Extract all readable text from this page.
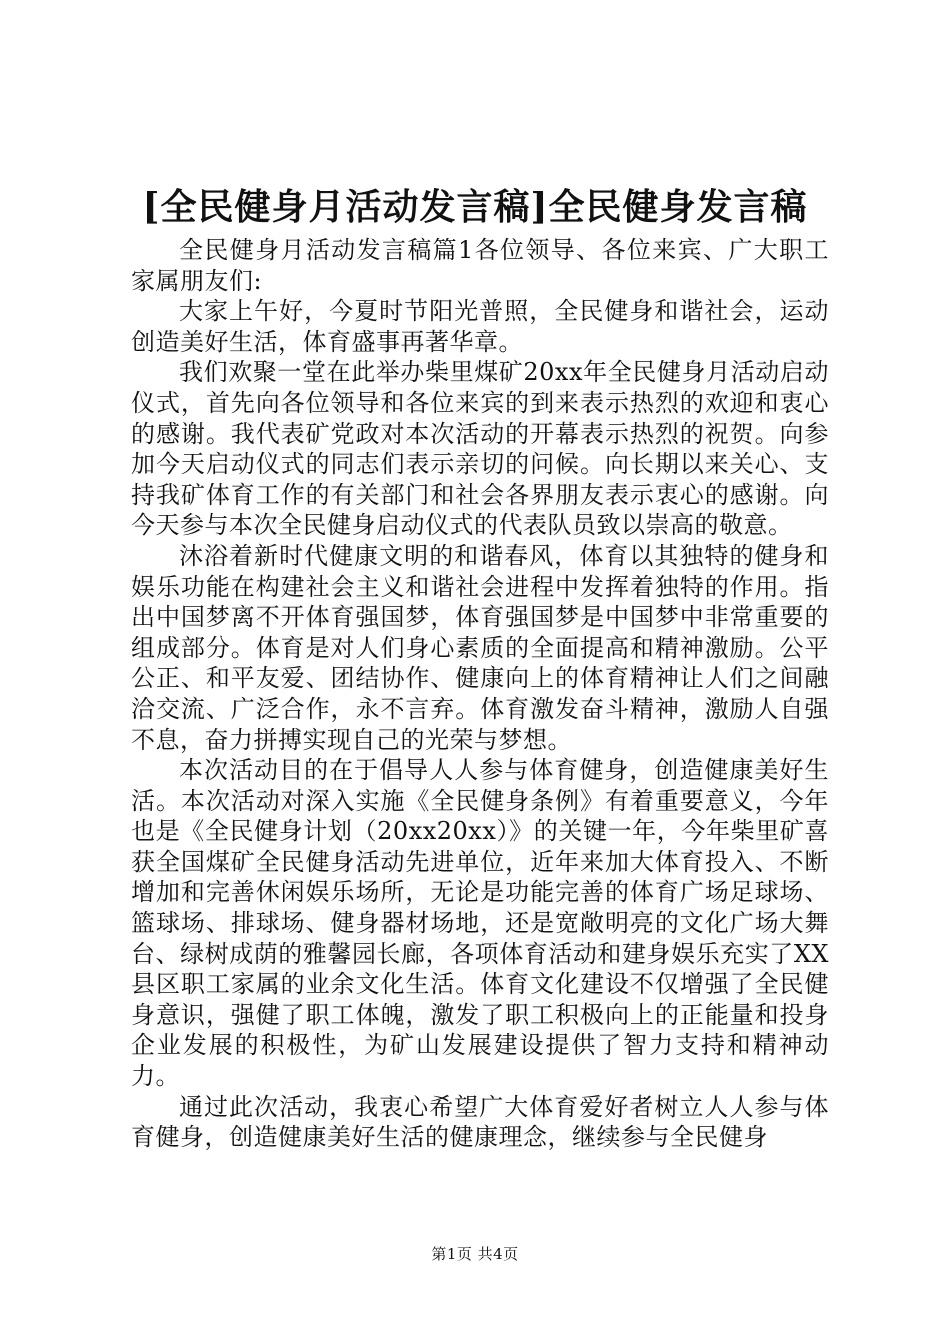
[全民健身月活动发言稿]全民健身发言稿

全民健身月活动发言稿篇1各位领导、各位来宾、广大职工家属朋友们:

大家上午好，今夏时节阳光普照，全民健身和谐社会，运动创造美好生活，体育盛事再著华章。

我们欢聚一堂在此举办柴里煤矿20xx年全民健身月活动启动仪式，首先向各位领导和各位来宾的到来表示热烈的欢迎和衷心的感谢。我代表矿党政对本次活动的开幕表示热烈的祝贺。向参加今天启动仪式的同志们表示亲切的问候。向长期以来关心、支持我矿体育工作的有关部门和社会各界朋友表示衷心的感谢。向今天参与本次全民健身启动仪式的代表队员致以崇高的敬意。

沐浴着新时代健康文明的和谐春风，体育以其独特的健身和娱乐功能在构建社会主义和谐社会进程中发挥着独特的作用。指出中国梦离不开体育强国梦，体育强国梦是中国梦中非常重要的组成部分。体育是对人们身心素质的全面提高和精神激励。公平公正、和平友爱、团结协作、健康向上的体育精神让人们之间融洽交流、广泛合作，永不言弃。体育激发奋斗精神，激励人自强不息，奋力拼搏实现自己的光荣与梦想。

本次活动目的在于倡导人人参与体育健身，创造健康美好生活。本次活动对深入实施《全民健身条例》有着重要意义，今年也是《全民健身计划（20xx20xx）》的关键一年，今年柴里矿喜获全国煤矿全民健身活动先进单位，近年来加大体育投入、不断增加和完善休闲娱乐场所，无论是功能完善的体育广场足球场、篮球场、排球场、健身器材场地，还是宽敞明亮的文化广场大舞台、绿树成荫的雅馨园长廊，各项体育活动和建身娱乐充实了XX县区职工家属的业余文化生活。体育文化建设不仅增强了全民健身意识，强健了职工体魄，激发了职工积极向上的正能量和投身企业发展的积极性，为矿山发展建设提供了智力支持和精神动力。

通过此次活动，我衷心希望广大体育爱好者树立人人参与体育健身，创造健康美好生活的健康理念，继续参与全民健身

第1页 共4页
